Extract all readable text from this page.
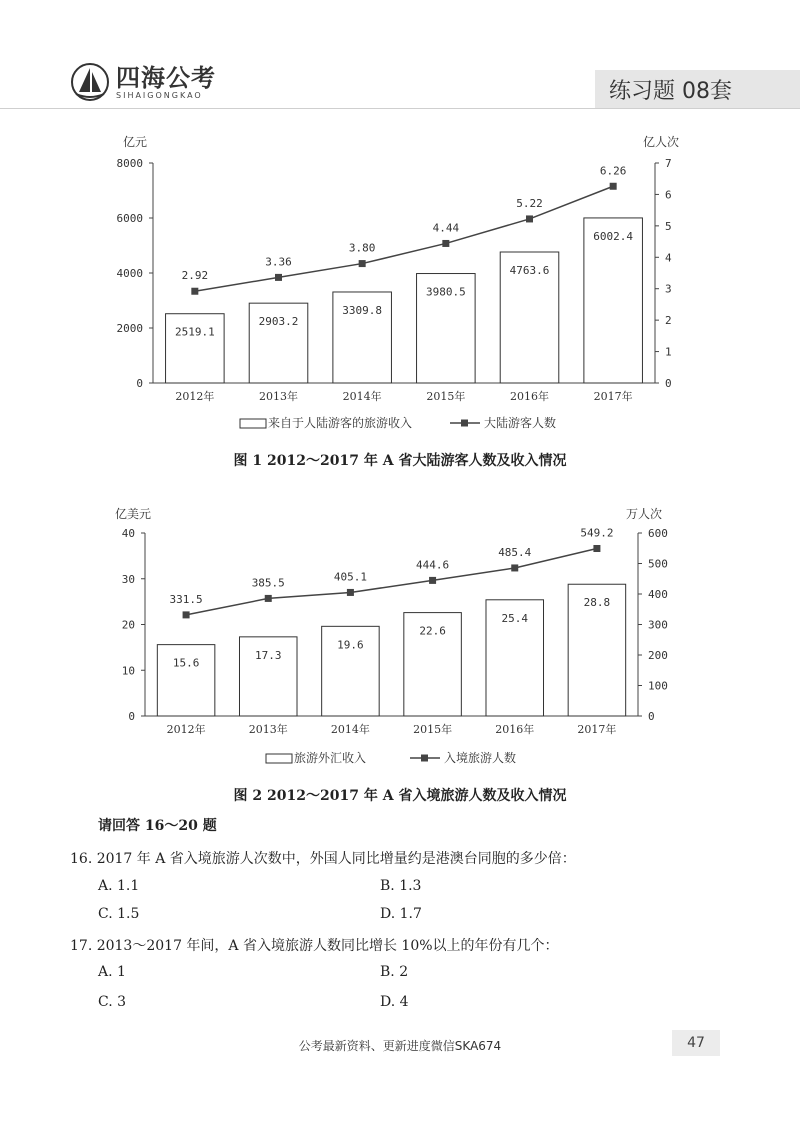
四海公考
SIHAIGONGKAO	练习题 08套
亿元	亿人次
0
2000
4000
6000
8000
0
1
2
3
4
5
6
7
2519.1
2012年
2903.2
2013年
3309.8
2014年
3980.5
2015年
4763.6
2016年
6002.4
2017年
2.92
3.36
3.80
4.44
5.22
6.26
来自于人陆游客的旅游收入	大陆游客人数
图 1 2012～2017 年 A 省大陆游客人数及收入情况
亿美元	万人次
0
10
20
30
40
0
100
200
300
400
500
600
15.6
2012年
17.3
2013年
19.6
2014年
22.6
2015年
25.4
2016年
28.8
2017年
331.5
385.5	405.1
444.6
485.4
549.2
旅游外汇收入	入境旅游人数
图 2 2012～2017 年 A 省入境旅游人数及收入情况
请回答 16～20 题
16. 2017 年 A 省入境旅游人次数中，外国人同比增量约是港澳台同胞的多少倍：
A. 1.1	B. 1.3
C. 1.5	D. 1.7
17. 2013～2017 年间，A 省入境旅游人数同比增长 10%以上的年份有几个：
A. 1	B. 2
C. 3	D. 4
公考最新资料、更新进度微信SKA674	47
